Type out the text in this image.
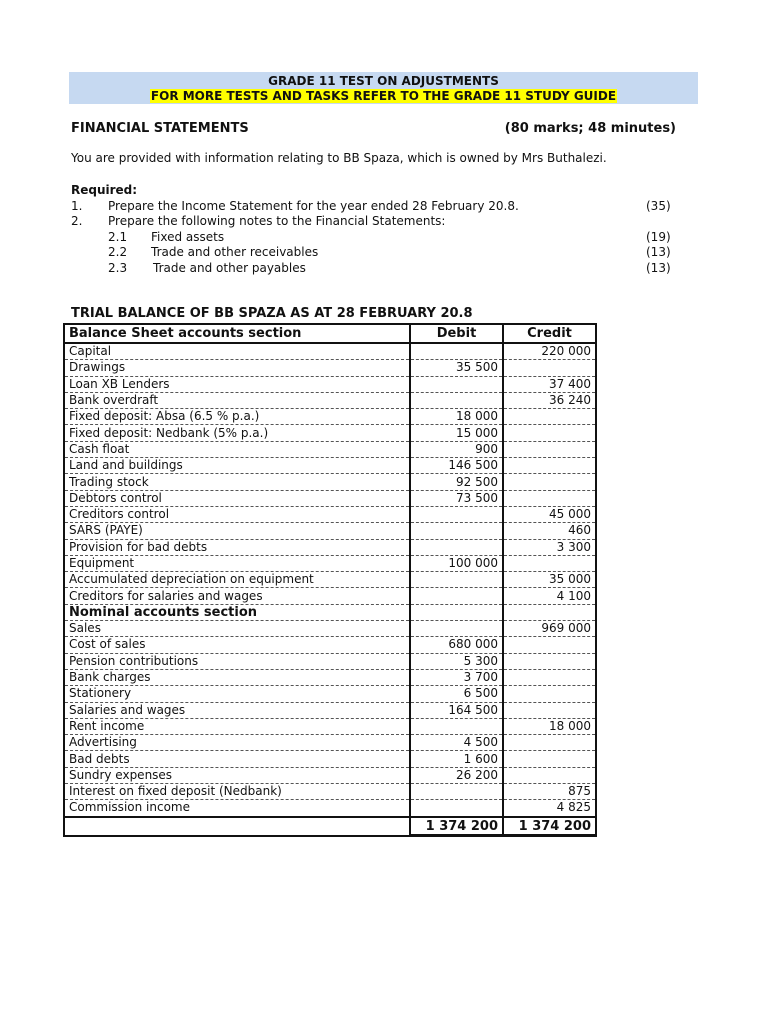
GRADE 11 TEST ON ADJUSTMENTS
FOR MORE TESTS AND TASKS REFER TO THE GRADE 11 STUDY GUIDE
FINANCIAL STATEMENTS	(80 marks; 48 minutes)
You are provided with information relating to BB Spaza, which is owned by Mrs Buthalezi.
Required:
1. Prepare the Income Statement for the year ended 28 February 20.8.	(35)
2. Prepare the following notes to the Financial Statements:
2.1 Fixed assets	(19)
2.2 Trade and other receivables	(13)
2.3 Trade and other payables	(13)
TRIAL BALANCE OF BB SPAZA AS AT 28 FEBRUARY 20.8
Balance Sheet accounts section	Debit	Credit
Capital		220 000
Drawings	35 500	
Loan XB Lenders		37 400
Bank overdraft		36 240
Fixed deposit: Absa (6.5 % p.a.)	18 000	
Fixed deposit: Nedbank (5% p.a.)	15 000	
Cash float	900	
Land and buildings	146 500	
Trading stock	92 500	
Debtors control	73 500	
Creditors control		45 000
SARS (PAYE)		460
Provision for bad debts		3 300
Equipment	100 000	
Accumulated depreciation on equipment		35 000
Creditors for salaries and wages		4 100
Nominal accounts section		
Sales		969 000
Cost of sales	680 000	
Pension contributions	5 300	
Bank charges	3 700	
Stationery	6 500	
Salaries and wages	164 500	
Rent income		18 000
Advertising	4 500	
Bad debts	1 600	
Sundry expenses	26 200	
Interest on fixed deposit (Nedbank)		875
Commission income		4 825
	1 374 200	1 374 200
